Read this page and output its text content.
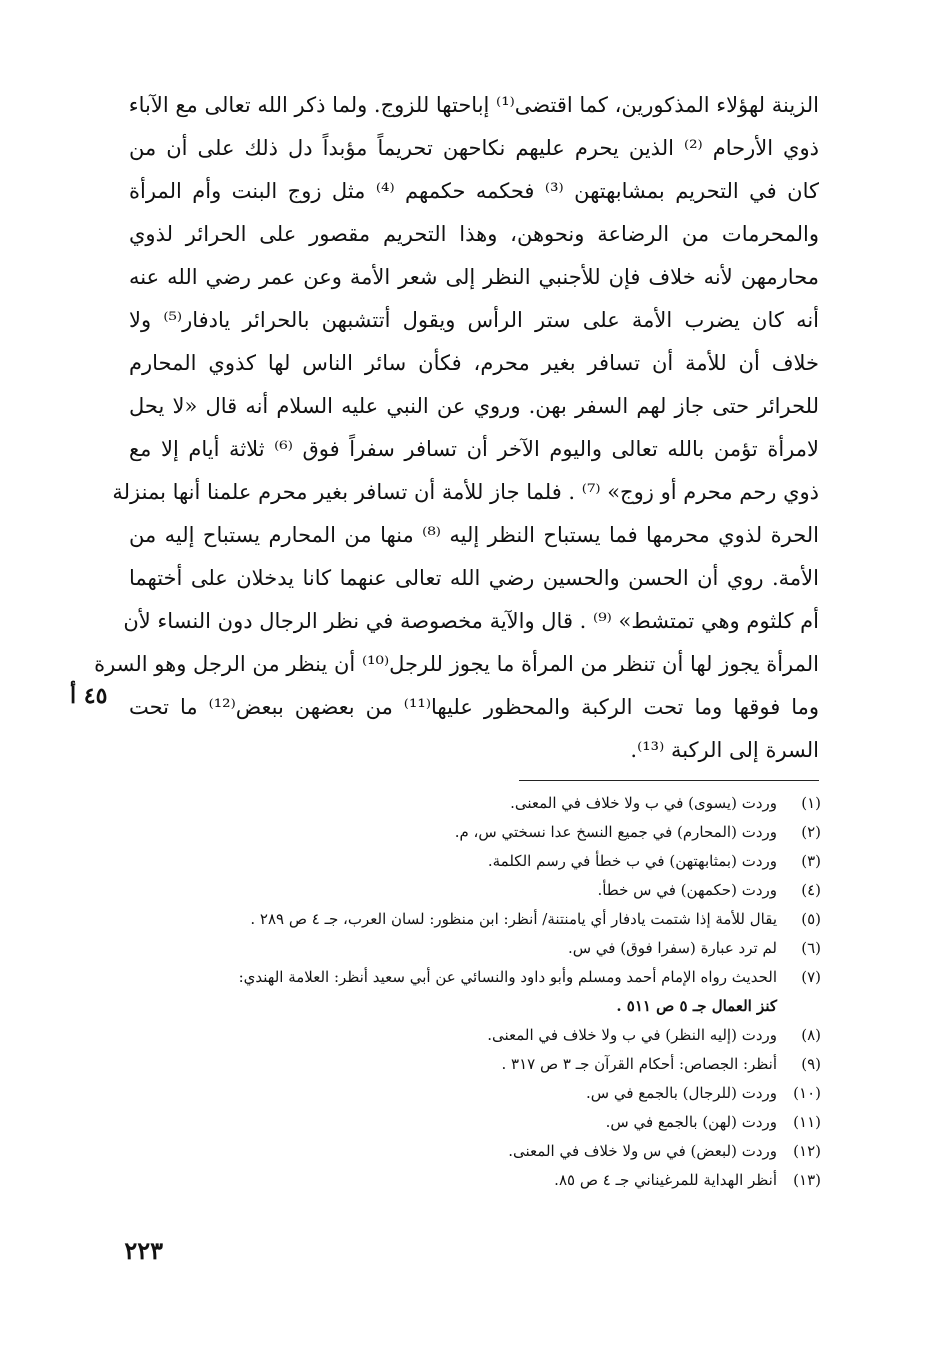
الزينة لهؤلاء المذكورين، كما اقتضى⁽¹⁾ إباحتها للزوج. ولما ذكر الله تعالى مع الآباء
ذوي الأرحام ⁽²⁾ الذين يحرم عليهم نكاحهن تحريماً مؤبداً دل ذلك على أن من
كان في التحريم بمشابهتهن ⁽³⁾ فحكمه حكمهم ⁽⁴⁾ مثل زوج البنت وأم المرأة
والمحرمات من الرضاعة ونحوهن، وهذا التحريم مقصور على الحرائر لذوي
محارمهن لأنه خلاف فإن للأجنبي النظر إلى شعر الأمة وعن عمر رضي الله عنه
أنه كان يضرب الأمة على ستر الرأس ويقول أتتشبهن بالحرائر يادفار⁽⁵⁾ ولا
خلاف أن للأمة أن تسافر بغير محرم، فكأن سائر الناس لها كذوي المحارم
للحرائر حتى جاز لهم السفر بهن. وروي عن النبي عليه السلام أنه قال «لا يحل
لامرأة تؤمن بالله تعالى واليوم الآخر أن تسافر سفراً فوق ⁽⁶⁾ ثلاثة أيام إلا مع
ذوي رحم محرم أو زوج» ⁽⁷⁾ . فلما جاز للأمة أن تسافر بغير محرم علمنا أنها بمنزلة
الحرة لذوي محرمها فما يستباح النظر إليه ⁽⁸⁾ منها من المحارم يستباح إليه من
الأمة. روي أن الحسن والحسين رضي الله تعالى عنهما كانا يدخلان على أختهما
أم كلثوم وهي تمتشط» ⁽⁹⁾ . قال والآية مخصوصة في نظر الرجال دون النساء لأن
المرأة يجوز لها أن تنظر من المرأة ما يجوز للرجل⁽¹⁰⁾ أن ينظر من الرجل وهو السرة
وما فوقها وما تحت الركبة والمحظور عليها⁽¹¹⁾ من بعضهن ببعض⁽¹²⁾ ما تحت
السرة إلى الركبة ⁽¹³⁾.
٤٥ أ
(١)
وردت (يسوى) في ب ولا خلاف في المعنى.
(٢)
وردت (المحارم) في جميع النسخ عدا نسختي س، م.
(٣)
وردت (بمثابهتهن) في ب خطأ في رسم الكلمة.
(٤)
وردت (حكمهن) في س خطأ.
(٥)
يقال للأمة إذا شتمت يادفار أي يامنتنة/ أنظر: ابن منظور: لسان العرب، جـ ٤ ص ٢٨٩ .
(٦)
لم ترد عبارة (سفرا فوق) في س.
(٧)
الحديث رواه الإمام أحمد ومسلم وأبو داود والنسائي عن أبي سعيد أنظر: العلامة الهندي:
كنز العمال جـ ٥ ص ٥١١ .
(٨)
وردت (إليه النظر) في ب ولا خلاف في المعنى.
(٩)
أنظر: الجصاص: أحكام القرآن جـ ٣ ص ٣١٧ .
(١٠)
وردت (للرجال) بالجمع في س.
(١١)
وردت (لهن) بالجمع في س.
(١٢)
وردت (لبعض) في س ولا خلاف في المعنى.
(١٣)
أنظر الهداية للمرغيناني جـ ٤ ص ٨٥.
٢٢٣
